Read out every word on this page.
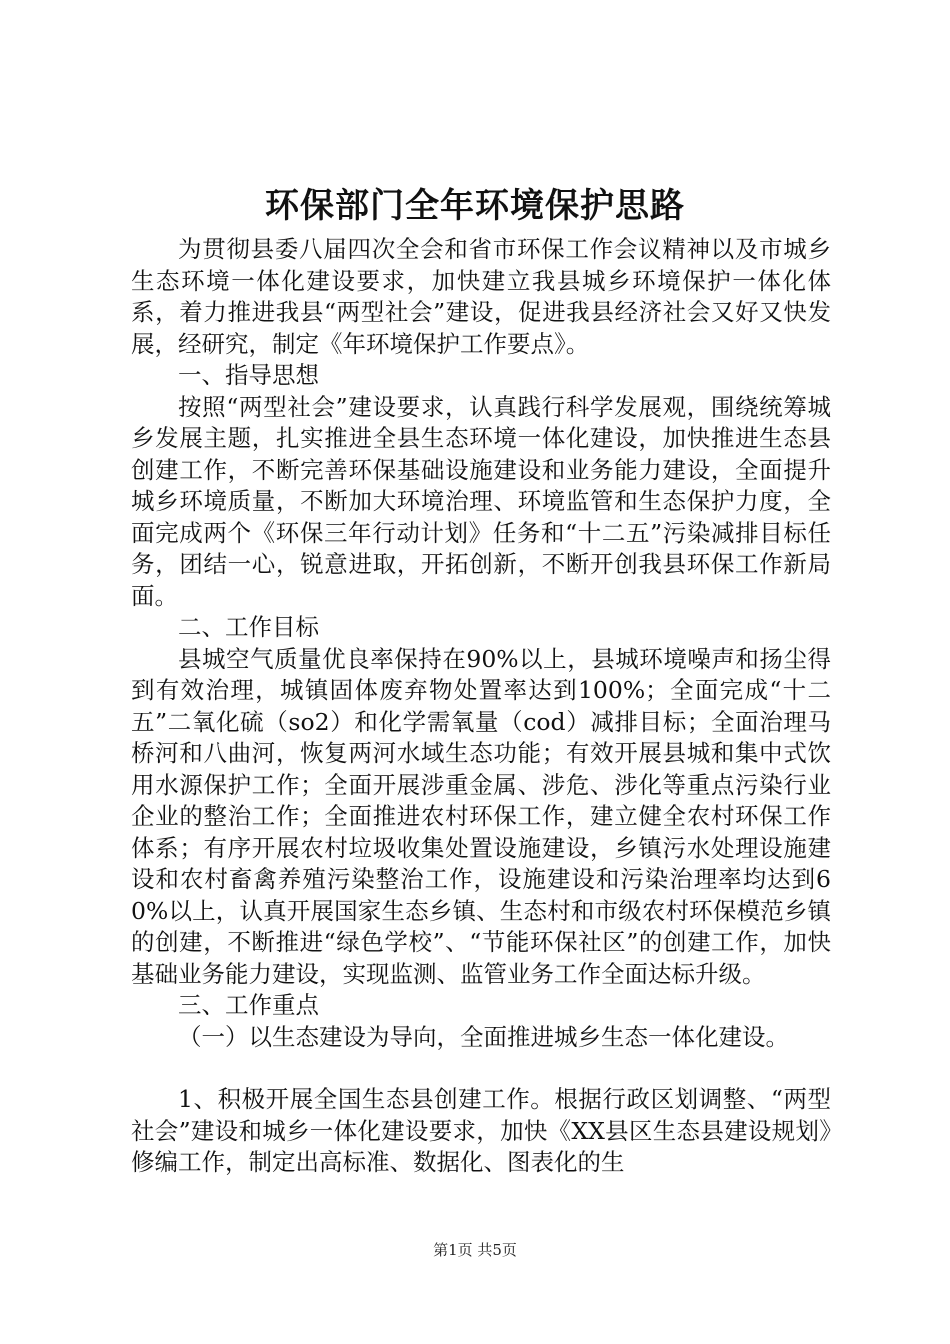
环保部门全年环境保护思路

为贯彻县委八届四次全会和省市环保工作会议精神以及市城乡生态环境一体化建设要求，加快建立我县城乡环境保护一体化体系，着力推进我县“两型社会”建设，促进我县经济社会又好又快发展，经研究，制定《年环境保护工作要点》。

一、指导思想

按照“两型社会”建设要求，认真践行科学发展观，围绕统筹城乡发展主题，扎实推进全县生态环境一体化建设，加快推进生态县创建工作，不断完善环保基础设施建设和业务能力建设，全面提升城乡环境质量，不断加大环境治理、环境监管和生态保护力度，全面完成两个《环保三年行动计划》任务和“十二五”污染减排目标任务，团结一心，锐意进取，开拓创新，不断开创我县环保工作新局面。

二、工作目标

县城空气质量优良率保持在90%以上，县城环境噪声和扬尘得到有效治理，城镇固体废弃物处置率达到100%；全面完成“十二五”二氧化硫（so2）和化学需氧量（cod）减排目标；全面治理马桥河和八曲河，恢复两河水域生态功能；有效开展县城和集中式饮用水源保护工作；全面开展涉重金属、涉危、涉化等重点污染行业企业的整治工作；全面推进农村环保工作，建立健全农村环保工作体系；有序开展农村垃圾收集处置设施建设，乡镇污水处理设施建设和农村畜禽养殖污染整治工作，设施建设和污染治理率均达到60%以上，认真开展国家生态乡镇、生态村和市级农村环保模范乡镇的创建，不断推进“绿色学校”、“节能环保社区”的创建工作，加快基础业务能力建设，实现监测、监管业务工作全面达标升级。

三、工作重点

（一）以生态建设为导向，全面推进城乡生态一体化建设。

1、积极开展全国生态县创建工作。根据行政区划调整、“两型社会”建设和城乡一体化建设要求，加快《XX县区生态县建设规划》修编工作，制定出高标准、数据化、图表化的生

第1页 共5页
